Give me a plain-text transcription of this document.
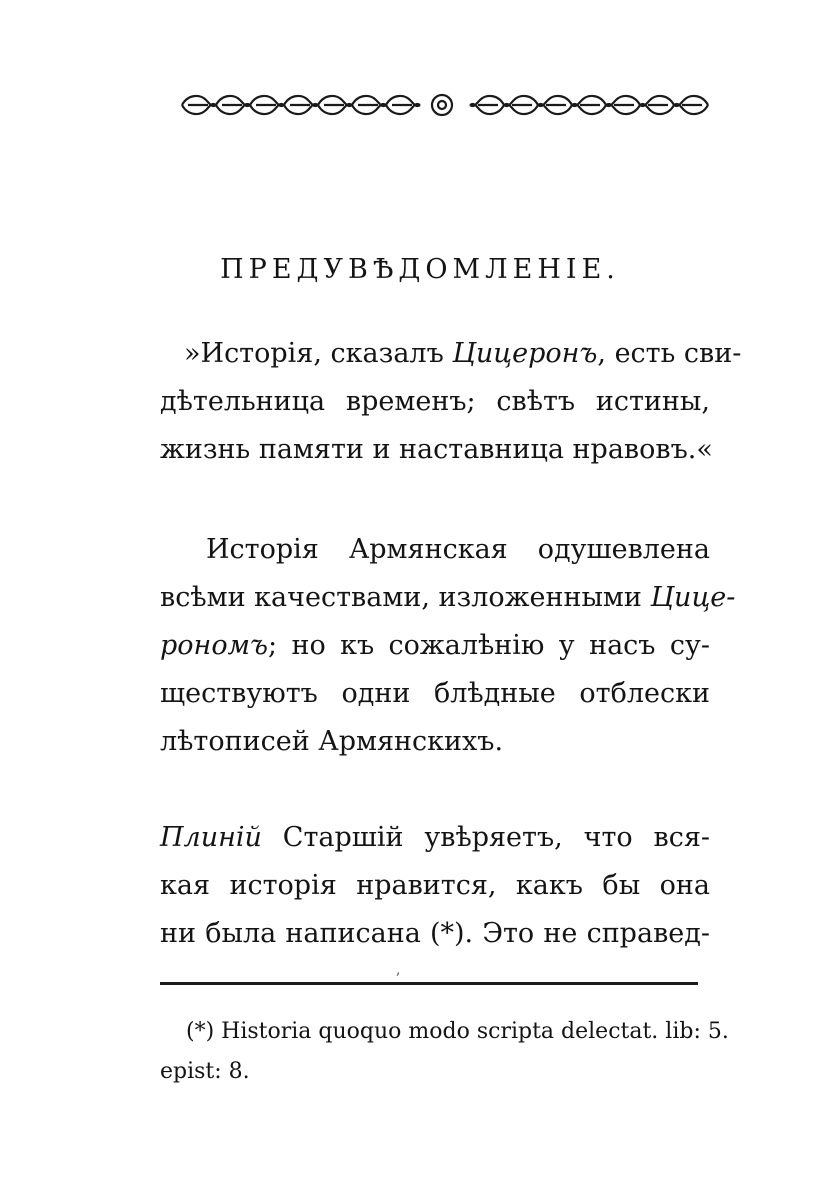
ПРЕДУВѢДОМЛЕНІЕ.
»Исторія, сказалъ Цицеронъ, есть сви-
дѣтельница временъ; свѣтъ истины,
жизнь памяти и наставница нравовъ.«
Исторія Армянская одушевлена
всѣми качествами, изложенными Цице-
рономъ; но къ сожалѣнію у насъ су-
ществуютъ одни блѣдные отблески
лѣтописей Армянскихъ.
Плиній Старшій увѣряетъ, что вся-
кая исторія нравится, какъ бы она
ни была написана (*). Это не справед-
,
(*) Historia quoquo modo scripta delectat. lib: 5.
epist: 8.
